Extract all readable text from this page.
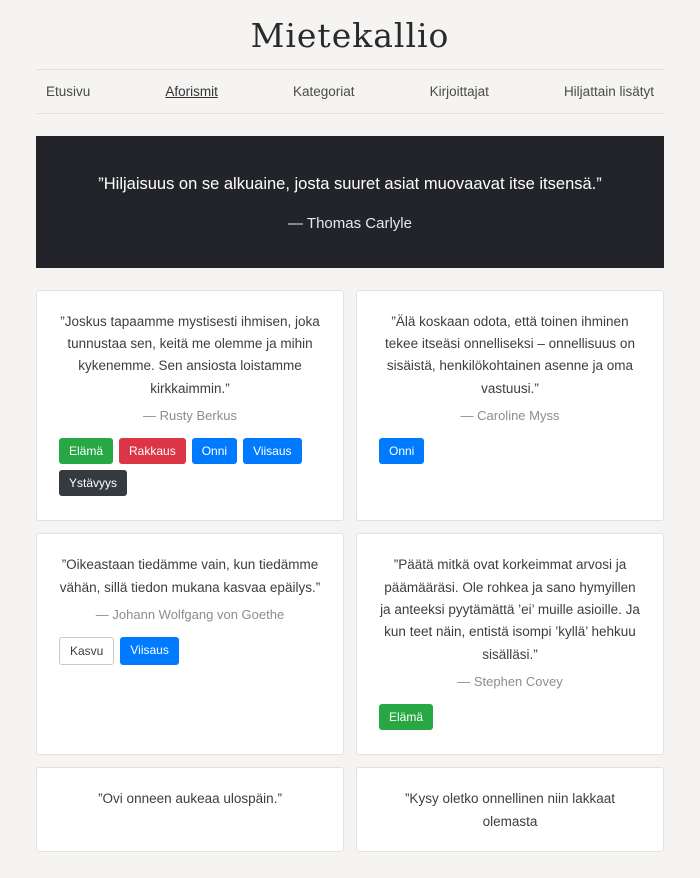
Mietekallio
Etusivu	Aforismit	Kategoriat	Kirjoittajat	Hiljattain lisätyt

”Hiljaisuus on se alkuaine, josta suuret asiat muovaavat itse itsensä.”

— Thomas Carlyle

”Joskus tapaamme mystisesti ihmisen, joka tunnustaa sen, keitä me olemme ja mihin kykenemme. Sen ansiosta loistamme kirkkaimmin.”

— Rusty Berkus
Elämä	Rakkaus	Onni	Viisaus
Ystävyys

”Älä koskaan odota, että toinen ihminen tekee itseäsi onnelliseksi – onnellisuus on sisäistä, henkilökohtainen asenne ja oma vastuusi.”

— Caroline Myss
Onni

”Oikeastaan tiedämme vain, kun tiedämme vähän, sillä tiedon mukana kasvaa epäilys.”

— Johann Wolfgang von Goethe
Kasvu	Viisaus

”Päätä mitkä ovat korkeimmat arvosi ja päämääräsi. Ole rohkea ja sano hymyillen ja anteeksi pyytämättä ’ei’ muille asioille. Ja kun teet näin, entistä isompi ’kyllä’ hehkuu sisälläsi.”

— Stephen Covey
Elämä

”Ovi onneen aukeaa ulospäin.”	”Kysy oletko onnellinen niin lakkaat olemasta
